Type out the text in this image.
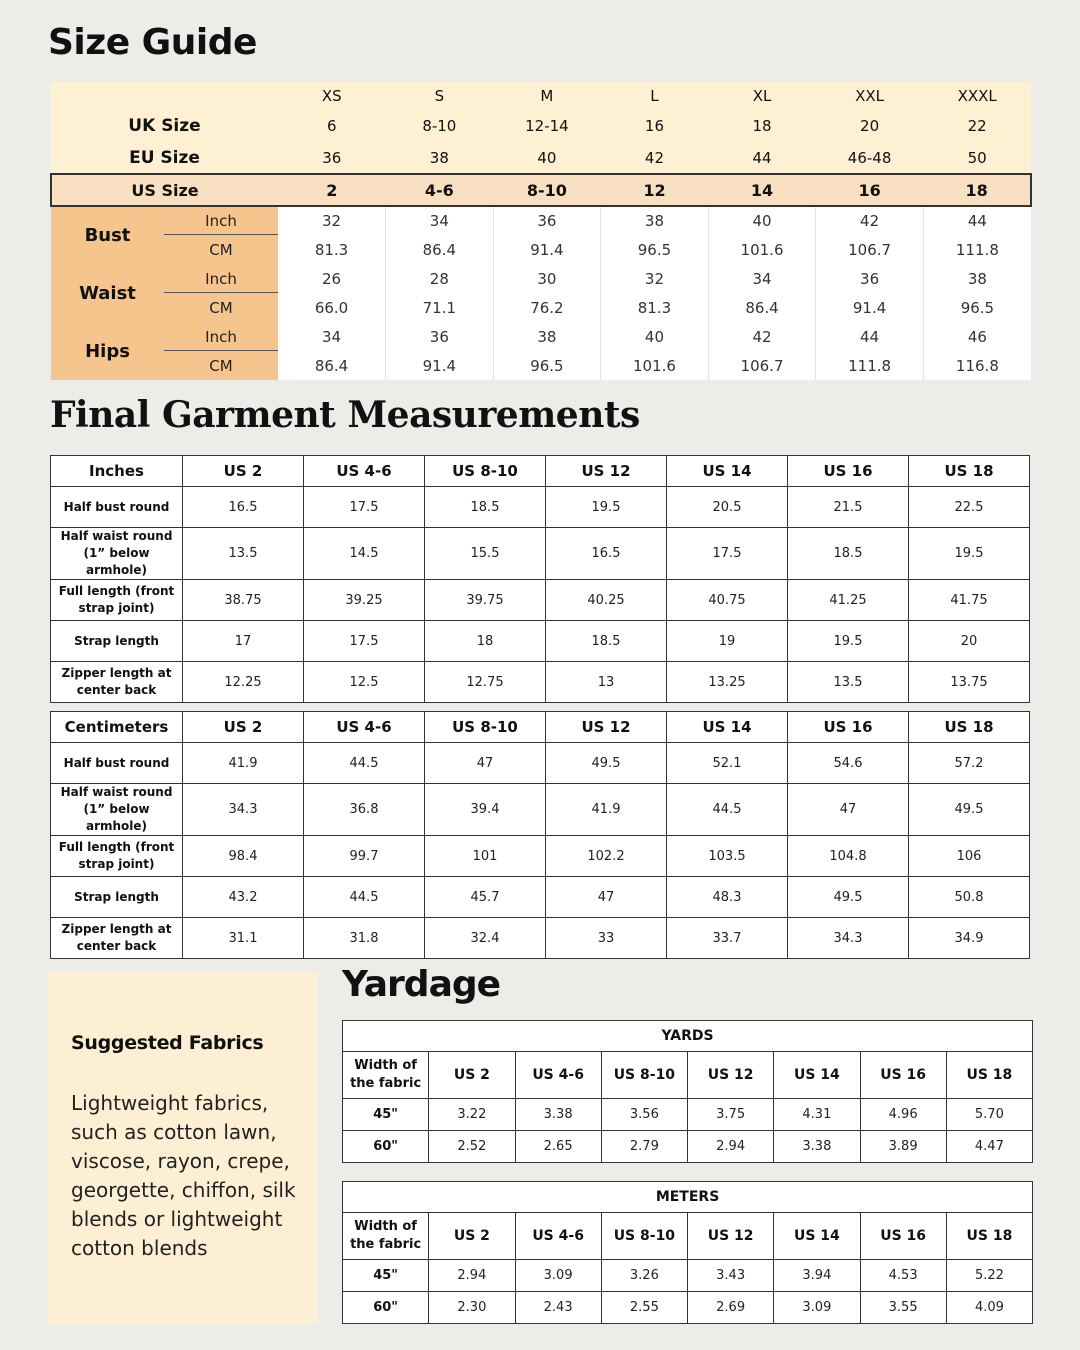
Size Guide
		XS	S	M	L	XL	XXL	XXXL
UK Size		6	8-10	12-14	16	18	20	22
EU Size		36	38	40	42	44	46-48	50
US Size		2	4-6	8-10	12	14	16	18
Bust	Inch	32	34	36	38	40	42	44
	CM	81.3	86.4	91.4	96.5	101.6	106.7	111.8
Waist	Inch	26	28	30	32	34	36	38
	CM	66.0	71.1	76.2	81.3	86.4	91.4	96.5
Hips	Inch	34	36	38	40	42	44	46
	CM	86.4	91.4	96.5	101.6	106.7	111.8	116.8
Final Garment Measurements
Inches	US 2	US 4-6	US 8-10	US 12	US 14	US 16	US 18
Half bust round	16.5	17.5	18.5	19.5	20.5	21.5	22.5
Half waist round (1” below armhole)	13.5	14.5	15.5	16.5	17.5	18.5	19.5
Full length (front strap joint)	38.75	39.25	39.75	40.25	40.75	41.25	41.75
Strap length	17	17.5	18	18.5	19	19.5	20
Zipper length at center back	12.25	12.5	12.75	13	13.25	13.5	13.75
Centimeters	US 2	US 4-6	US 8-10	US 12	US 14	US 16	US 18
Half bust round	41.9	44.5	47	49.5	52.1	54.6	57.2
Half waist round (1” below armhole)	34.3	36.8	39.4	41.9	44.5	47	49.5
Full length (front strap joint)	98.4	99.7	101	102.2	103.5	104.8	106
Strap length	43.2	44.5	45.7	47	48.3	49.5	50.8
Zipper length at center back	31.1	31.8	32.4	33	33.7	34.3	34.9
Suggested Fabrics
Lightweight fabrics, such as cotton lawn, viscose, rayon, crepe, georgette, chiffon, silk blends or lightweight cotton blends
Yardage
YARDS							
Width of the fabric	US 2	US 4-6	US 8-10	US 12	US 14	US 16	US 18
45"	3.22	3.38	3.56	3.75	4.31	4.96	5.70
60"	2.52	2.65	2.79	2.94	3.38	3.89	4.47
METERS							
Width of the fabric	US 2	US 4-6	US 8-10	US 12	US 14	US 16	US 18
45"	2.94	3.09	3.26	3.43	3.94	4.53	5.22
60"	2.30	2.43	2.55	2.69	3.09	3.55	4.09
